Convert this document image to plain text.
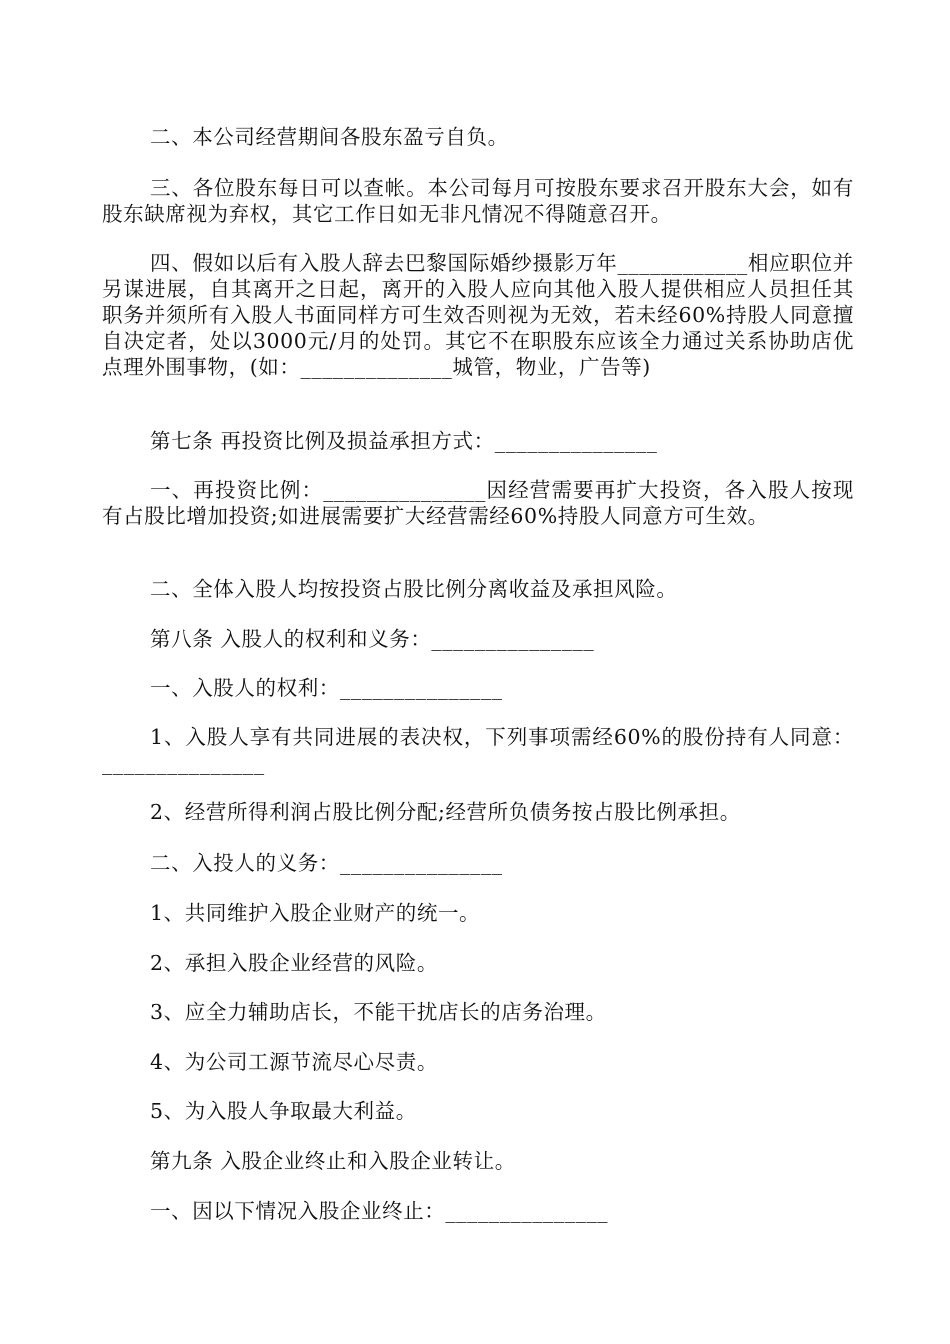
二、本公司经营期间各股东盈亏自负。

三、各位股东每日可以查帐。本公司每月可按股东要求召开股东大会，如有股东缺席视为弃权，其它工作日如无非凡情况不得随意召开。

四、假如以后有入股人辞去巴黎国际婚纱摄影万年____________相应职位并另谋进展，自其离开之日起，离开的入股人应向其他入股人提供相应人员担任其职务并须所有入股人书面同样方可生效否则视为无效，若未经60%持股人同意擅自决定者，处以3000元/月的处罚。其它不在职股东应该全力通过关系协助店优点理外围事物，(如：______________城管，物业，广告等)

第七条 再投资比例及损益承担方式：_______________

一、再投资比例：_______________因经营需要再扩大投资，各入股人按现有占股比增加投资;如进展需要扩大经营需经60%持股人同意方可生效。

二、全体入股人均按投资占股比例分离收益及承担风险。

第八条 入股人的权利和义务：_______________

一、入股人的权利：_______________

1、入股人享有共同进展的表决权，下列事项需经60%的股份持有人同意：_______________

2、经营所得利润占股比例分配;经营所负债务按占股比例承担。

二、入投人的义务：_______________

1、共同维护入股企业财产的统一。

2、承担入股企业经营的风险。

3、应全力辅助店长，不能干扰店长的店务治理。

4、为公司工源节流尽心尽责。

5、为入股人争取最大利益。

第九条 入股企业终止和入股企业转让。

一、因以下情况入股企业终止：_______________
